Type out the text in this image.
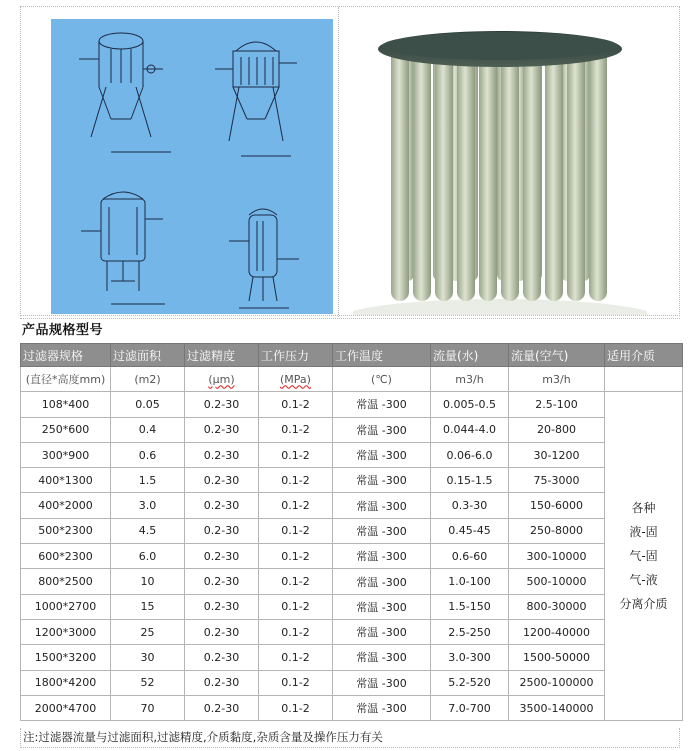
产品规格型号
过滤器规格	过滤面积	过滤精度	工作压力	工作温度	流量(水)	流量(空气)	适用介质
(直径*高度mm)	(m2)	(μm)	(MPa)	(℃)	m3/h	m3/h	
108*400	0.05	0.2-30	0.1-2	常温 -300	0.005-0.5	2.5-100	各种
液-固
气-固
气-液
分离介质

250*600	0.4	0.2-30	0.1-2	常温 -300	0.044-4.0	20-800	
300*900	0.6	0.2-30	0.1-2	常温 -300	0.06-6.0	30-1200	
400*1300	1.5	0.2-30	0.1-2	常温 -300	0.15-1.5	75-3000	
400*2000	3.0	0.2-30	0.1-2	常温 -300	0.3-30	150-6000	
500*2300	4.5	0.2-30	0.1-2	常温 -300	0.45-45	250-8000	
600*2300	6.0	0.2-30	0.1-2	常温 -300	0.6-60	300-10000	
800*2500	10	0.2-30	0.1-2	常温 -300	1.0-100	500-10000	
1000*2700	15	0.2-30	0.1-2	常温 -300	1.5-150	800-30000	
1200*3000	25	0.2-30	0.1-2	常温 -300	2.5-250	1200-40000	
1500*3200	30	0.2-30	0.1-2	常温 -300	3.0-300	1500-50000	
1800*4200	52	0.2-30	0.1-2	常温 -300	5.2-520	2500-100000	
2000*4700	70	0.2-30	0.1-2	常温 -300	7.0-700	3500-140000	
注:过滤器流量与过滤面积,过滤精度,介质黏度,杂质含量及操作压力有关
